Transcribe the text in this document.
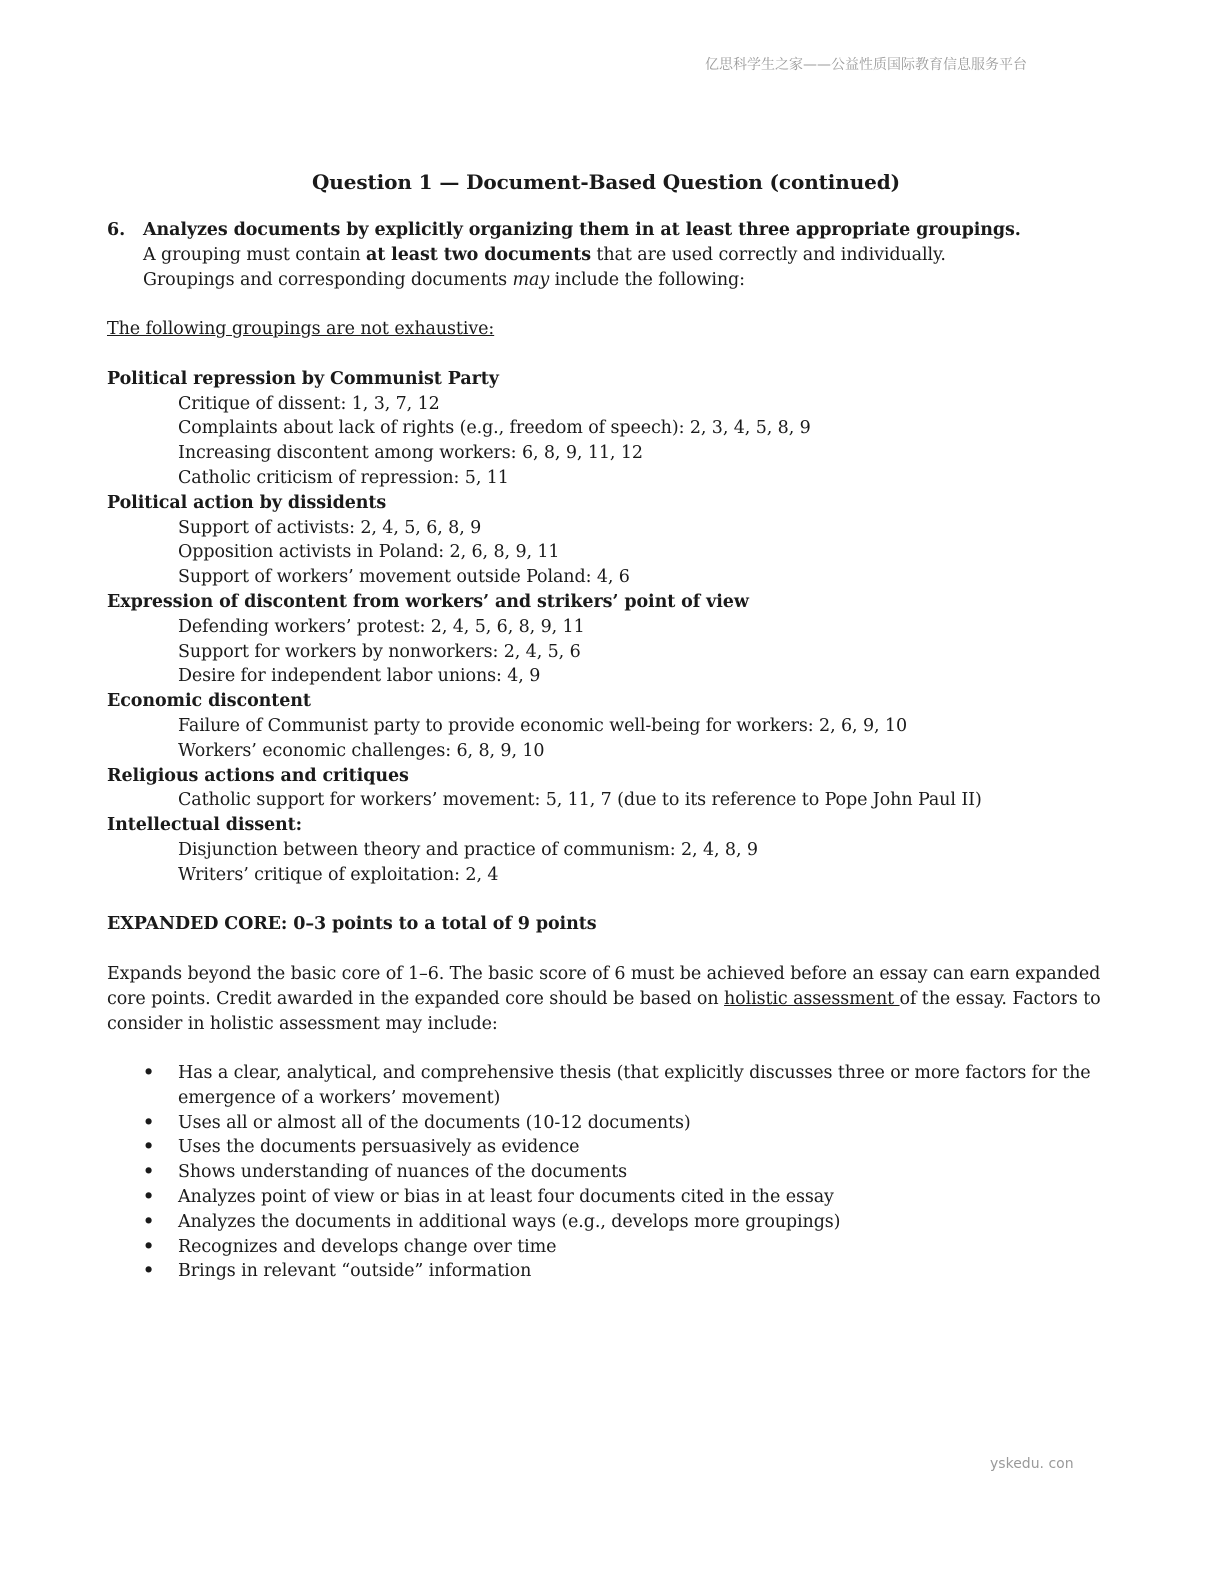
亿思科学生之家——公益性质国际教育信息服务平台
Question 1 — Document-Based Question (continued)
6.	Analyzes documents by explicitly organizing them in at least three appropriate groupings.
A grouping must contain at least two documents that are used correctly and individually.
Groupings and corresponding documents may include the following:
The following groupings are not exhaustive:
Political repression by Communist Party
Critique of dissent: 1, 3, 7, 12
Complaints about lack of rights (e.g., freedom of speech): 2, 3, 4, 5, 8, 9
Increasing discontent among workers: 6, 8, 9, 11, 12
Catholic criticism of repression: 5, 11
Political action by dissidents
Support of activists: 2, 4, 5, 6, 8, 9
Opposition activists in Poland: 2, 6, 8, 9, 11
Support of workers’ movement outside Poland: 4, 6
Expression of discontent from workers’ and strikers’ point of view
Defending workers’ protest: 2, 4, 5, 6, 8, 9, 11
Support for workers by nonworkers: 2, 4, 5, 6
Desire for independent labor unions: 4, 9
Economic discontent
Failure of Communist party to provide economic well-being for workers: 2, 6, 9, 10
Workers’ economic challenges: 6, 8, 9, 10
Religious actions and critiques
Catholic support for workers’ movement: 5, 11, 7 (due to its reference to Pope John Paul II)
Intellectual dissent:
Disjunction between theory and practice of communism: 2, 4, 8, 9
Writers’ critique of exploitation: 2, 4
EXPANDED CORE: 0–3 points to a total of 9 points

Expands beyond the basic core of 1–6. The basic score of 6 must be achieved before an essay can earn expanded core points. Credit awarded in the expanded core should be based on holistic assessment of the essay. Factors to consider in holistic assessment may include:

• Has a clear, analytical, and comprehensive thesis (that explicitly discusses three or more factors for the emergence of a workers’ movement)
• Uses all or almost all of the documents (10-12 documents)
• Uses the documents persuasively as evidence
• Shows understanding of nuances of the documents
• Analyzes point of view or bias in at least four documents cited in the essay
• Analyzes the documents in additional ways (e.g., develops more groupings)
• Recognizes and develops change over time
• Brings in relevant “outside” information
yskedu. con
